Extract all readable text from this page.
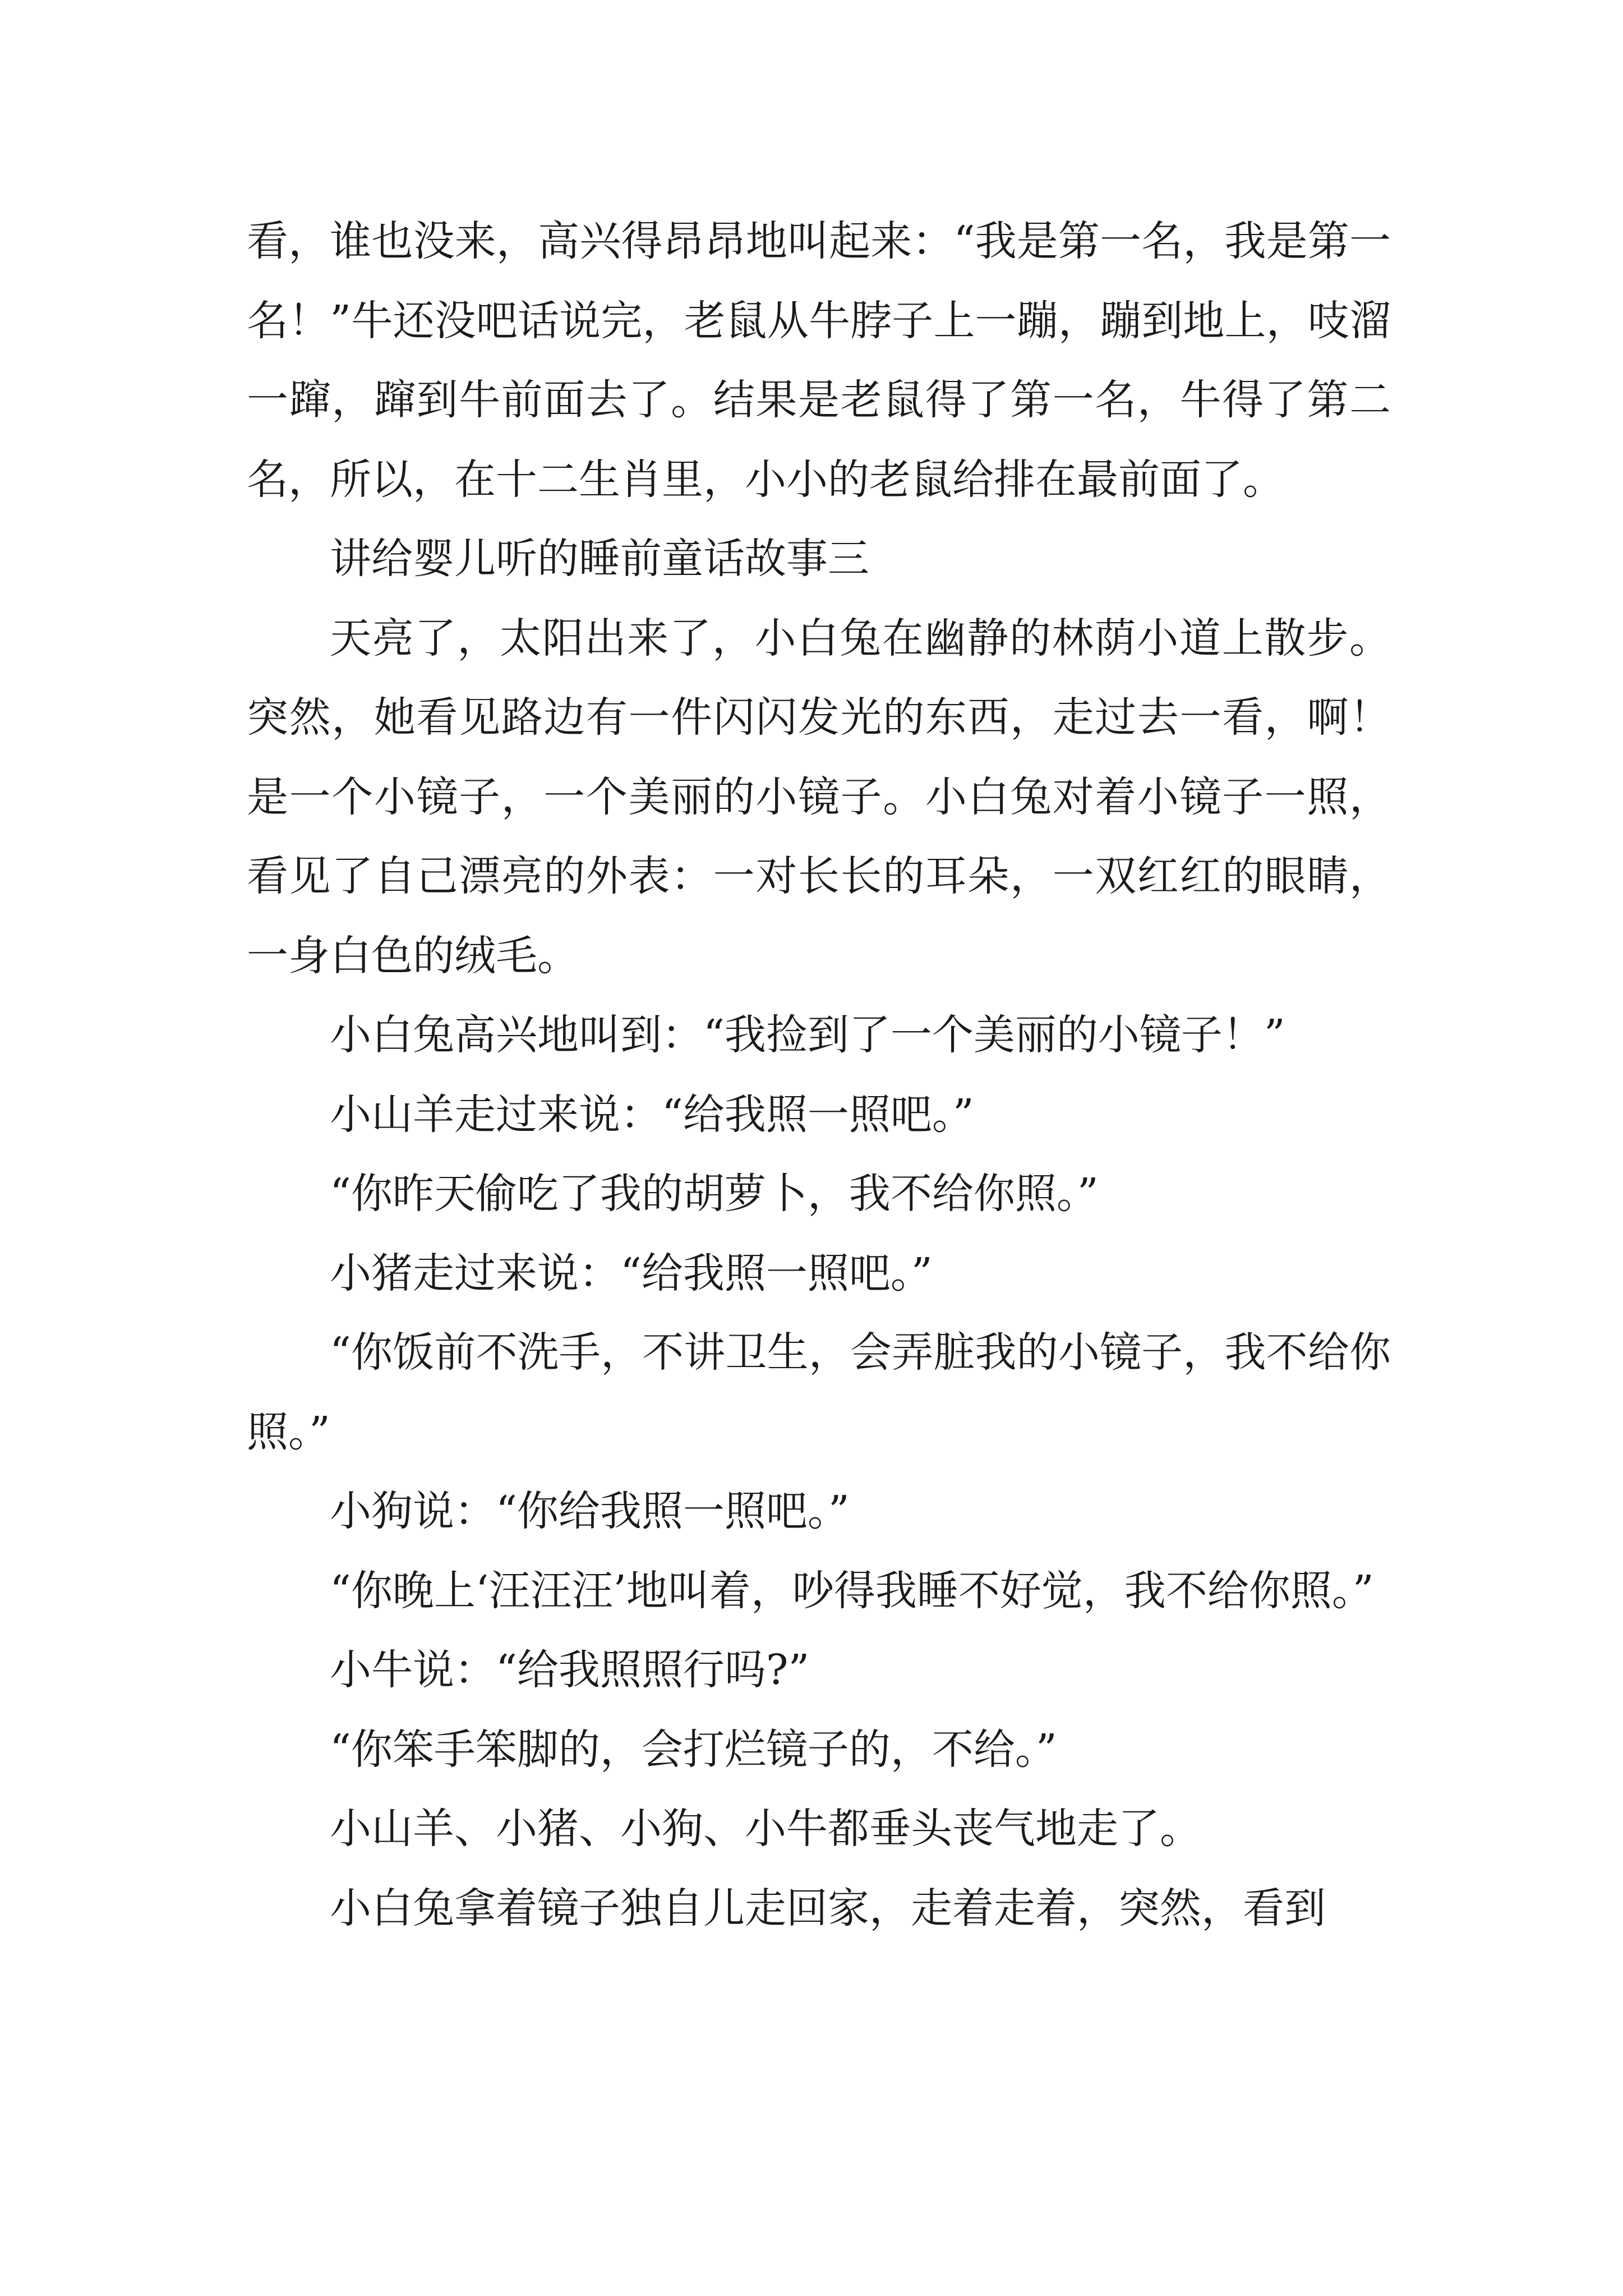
看，谁也没来，高兴得昂昂地叫起来：“我是第一名，我是第一名！”牛还没吧话说完，老鼠从牛脖子上一蹦，蹦到地上，吱溜一蹿，蹿到牛前面去了。结果是老鼠得了第一名，牛得了第二名，所以，在十二生肖里，小小的老鼠给排在最前面了。

讲给婴儿听的睡前童话故事三

天亮了，太阳出来了，小白兔在幽静的林荫小道上散步。突然，她看见路边有一件闪闪发光的东西，走过去一看，啊！是一个小镜子，一个美丽的小镜子。小白兔对着小镜子一照，看见了自己漂亮的外表：一对长长的耳朵，一双红红的眼睛，一身白色的绒毛。

小白兔高兴地叫到：“我捡到了一个美丽的小镜子！”

小山羊走过来说：“给我照一照吧。”

“你昨天偷吃了我的胡萝卜，我不给你照。”

小猪走过来说：“给我照一照吧。”

“你饭前不洗手，不讲卫生，会弄脏我的小镜子，我不给你照。”

小狗说：“你给我照一照吧。”

“你晚上‘汪汪汪’地叫着，吵得我睡不好觉，我不给你照。”

小牛说：“给我照照行吗?”

“你笨手笨脚的，会打烂镜子的，不给。”

小山羊、小猪、小狗、小牛都垂头丧气地走了。

小白兔拿着镜子独自儿走回家，走着走着，突然，看到
